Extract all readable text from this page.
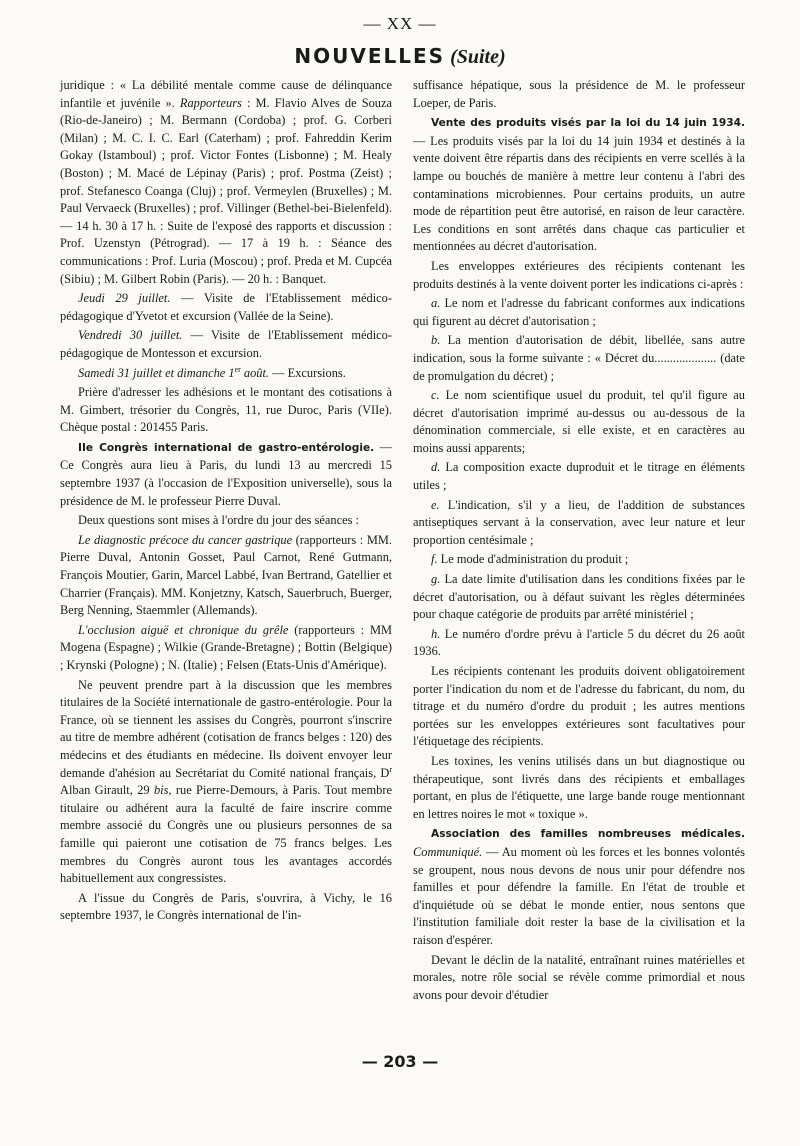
— XX —
NOUVELLES (Suite)

juridique : « La débilité mentale comme cause de délinquance infantile et juvénile ». Rapporteurs : M. Flavio Alves de Souza (Rio-de-Janeiro) ; M. Bermann (Cordoba) ; prof. G. Corberi (Milan) ; M. C. I. C. Earl (Caterham) ; prof. Fahreddin Kerim Gokay (Istamboul) ; prof. Victor Fontes (Lisbonne) ; M. Healy (Boston) ; M. Macé de Lépinay (Paris) ; prof. Postma (Zeist) ; prof. Stefanesco Coanga (Cluj) ; prof. Vermeylen (Bruxelles) ; M. Paul Vervaeck (Bruxelles) ; prof. Villinger (Bethel-bei-Bielenfeld). — 14 h. 30 à 17 h. : Suite de l'exposé des rapports et discussion : Prof. Uzenstyn (Pétrograd). — 17 à 19 h. : Séance des communications : Prof. Luria (Moscou) ; prof. Preda et M. Cupcéa (Sibiu) ; M. Gilbert Robin (Paris). — 20 h. : Banquet.

Jeudi 29 juillet. — Visite de l'Etablissement médico-pédagogique d'Yvetot et excursion (Vallée de la Seine).

Vendredi 30 juillet. — Visite de l'Etablissement médico-pédagogique de Montesson et excursion.

Samedi 31 juillet et dimanche 1er août. — Excursions.

Prière d'adresser les adhésions et le montant des cotisations à M. Gimbert, trésorier du Congrès, 11, rue Duroc, Paris (VIIe). Chèque postal : 201455 Paris.

IIe Congrès international de gastro-entérologie. — Ce Congrès aura lieu à Paris, du lundi 13 au mercredi 15 septembre 1937 (à l'occasion de l'Exposition universelle), sous la présidence de M. le professeur Pierre Duval.

Deux questions sont mises à l'ordre du jour des séances :

Le diagnostic précoce du cancer gastrique (rapporteurs : MM. Pierre Duval, Antonin Gosset, Paul Carnot, René Gutmann, François Moutier, Garin, Marcel Labbé, Ivan Bertrand, Gatellier et Charrier (Français). MM. Konjetzny, Katsch, Sauerbruch, Buerger, Berg Nenning, Staemmler (Allemands).

L'occlusion aiguë et chronique du grêle (rapporteurs : MM Mogena (Espagne) ; Wilkie (Grande-Bretagne) ; Bottin (Belgique) ; Krynski (Pologne) ; N. (Italie) ; Felsen (Etats-Unis d'Amérique).

Ne peuvent prendre part à la discussion que les membres titulaires de la Société internationale de gastro-entérologie. Pour la France, où se tiennent les assises du Congrès, pourront s'inscrire au titre de membre adhérent (cotisation de francs belges : 120) des médecins et des étudiants en médecine. Ils doivent envoyer leur demande d'ahésion au Secrétariat du Comité national français, $D^r$ Alban Girault, 29 bis, rue Pierre-Demours, à Paris. Tout membre titulaire ou adhérent aura la faculté de faire inscrire comme membre associé du Congrès une ou plusieurs personnes de sa famille qui paieront une cotisation de 75 francs belges. Les membres du Congrès auront tous les avantages accordés habituellement aux congressistes.

A l'issue du Congrès de Paris, s'ouvrira, à Vichy, le 16 septembre 1937, le Congrès international de l'in-

suffisance hépatique, sous la présidence de M. le professeur Loeper, de Paris.

Vente des produits visés par la loi du 14 juin 1934. — Les produits visés par la loi du 14 juin 1934 et destinés à la vente doivent être répartis dans des récipients en verre scellés à la lampe ou bouchés de manière à mettre leur contenu à l'abri des contaminations microbiennes. Pour certains produits, un autre mode de répartition peut être autorisé, en raison de leur caractère. Les conditions en sont arrêtés dans chaque cas particulier et mentionnées au décret d'autorisation.

Les enveloppes extérieures des récipients contenant les produits destinés à la vente doivent porter les indications ci-après :

a. Le nom et l'adresse du fabricant conformes aux indications qui figurent au décret d'autorisation ;

b. La mention d'autorisation de débit, libellée, sans autre indication, sous la forme suivante : « Décret du.................... (date de promulgation du décret) ;

c. Le nom scientifique usuel du produit, tel qu'il figure au décret d'autorisation imprimé au-dessus ou au-dessous de la dénomination commerciale, si elle existe, et en caractères au moins aussi apparents;

d. La composition exacte duproduit et le titrage en éléments utiles ;

e. L'indication, s'il y a lieu, de l'addition de substances antiseptiques servant à la conservation, avec leur nature et leur proportion centésimale ;

f. Le mode d'administration du produit ;

g. La date limite d'utilisation dans les conditions fixées par le décret d'autorisation, ou à défaut suivant les règles déterminées pour chaque catégorie de produits par arrêté ministériel ;

h. Le numéro d'ordre prévu à l'article 5 du décret du 26 août 1936.

Les récipients contenant les produits doivent obligatoirement porter l'indication du nom et de l'adresse du fabricant, du nom, du titrage et du numéro d'ordre du produit ; les autres mentions portées sur les enveloppes extérieures sont facultatives pour l'étiquetage des récipients.

Les toxines, les venins utilisés dans un but diagnostique ou thérapeutique, sont livrés dans des récipients et emballages portant, en plus de l'étiquette, une large bande rouge mentionnant en lettres noires le mot « toxique ».

Association des familles nombreuses médicales. Communiqué. — Au moment où les forces et les bonnes volontés se groupent, nous nous devons de nous unir pour défendre nos familles et pour défendre la famille. En l'état de trouble et d'inquiétude où se débat le monde entier, nous sentons que l'institution familiale doit rester la base de la civilisation et la raison d'espérer.

Devant le déclin de la natalité, entraînant ruines matérielles et morales, notre rôle social se révèle comme primordial et nous avons pour devoir d'étudier

— 203 —
